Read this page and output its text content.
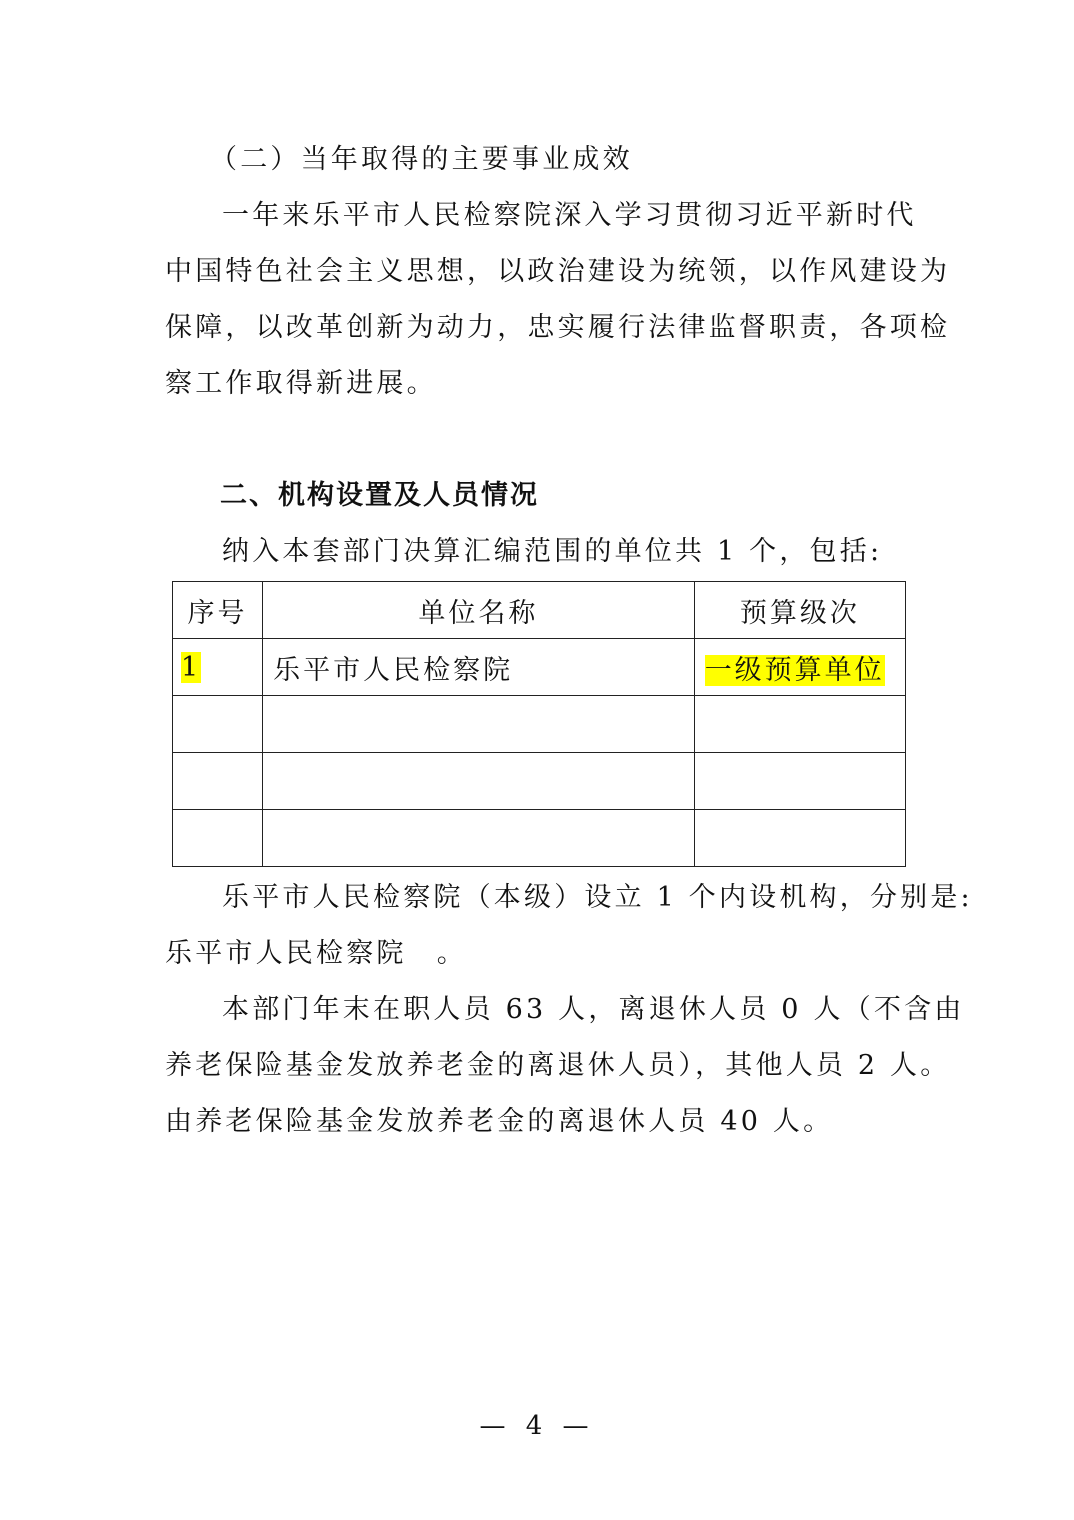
（二）当年取得的主要事业成效
一年来乐平市人民检察院深入学习贯彻习近平新时代
中国特色社会主义思想，以政治建设为统领，以作风建设为
保障，以改革创新为动力，忠实履行法律监督职责，各项检
察工作取得新进展。
二、机构设置及人员情况
纳入本套部门决算汇编范围的单位共 1 个，包括:
序号	单位名称	预算级次
1	乐平市人民检察院	一级预算单位

乐平市人民检察院（本级）设立 1 个内设机构，分别是:
乐平市人民检察院　。
本部门年末在职人员 63 人，离退休人员 0 人（不含由
养老保险基金发放养老金的离退休人员），其他人员 2 人。
由养老保险基金发放养老金的离退休人员 40 人。
— 4 —
